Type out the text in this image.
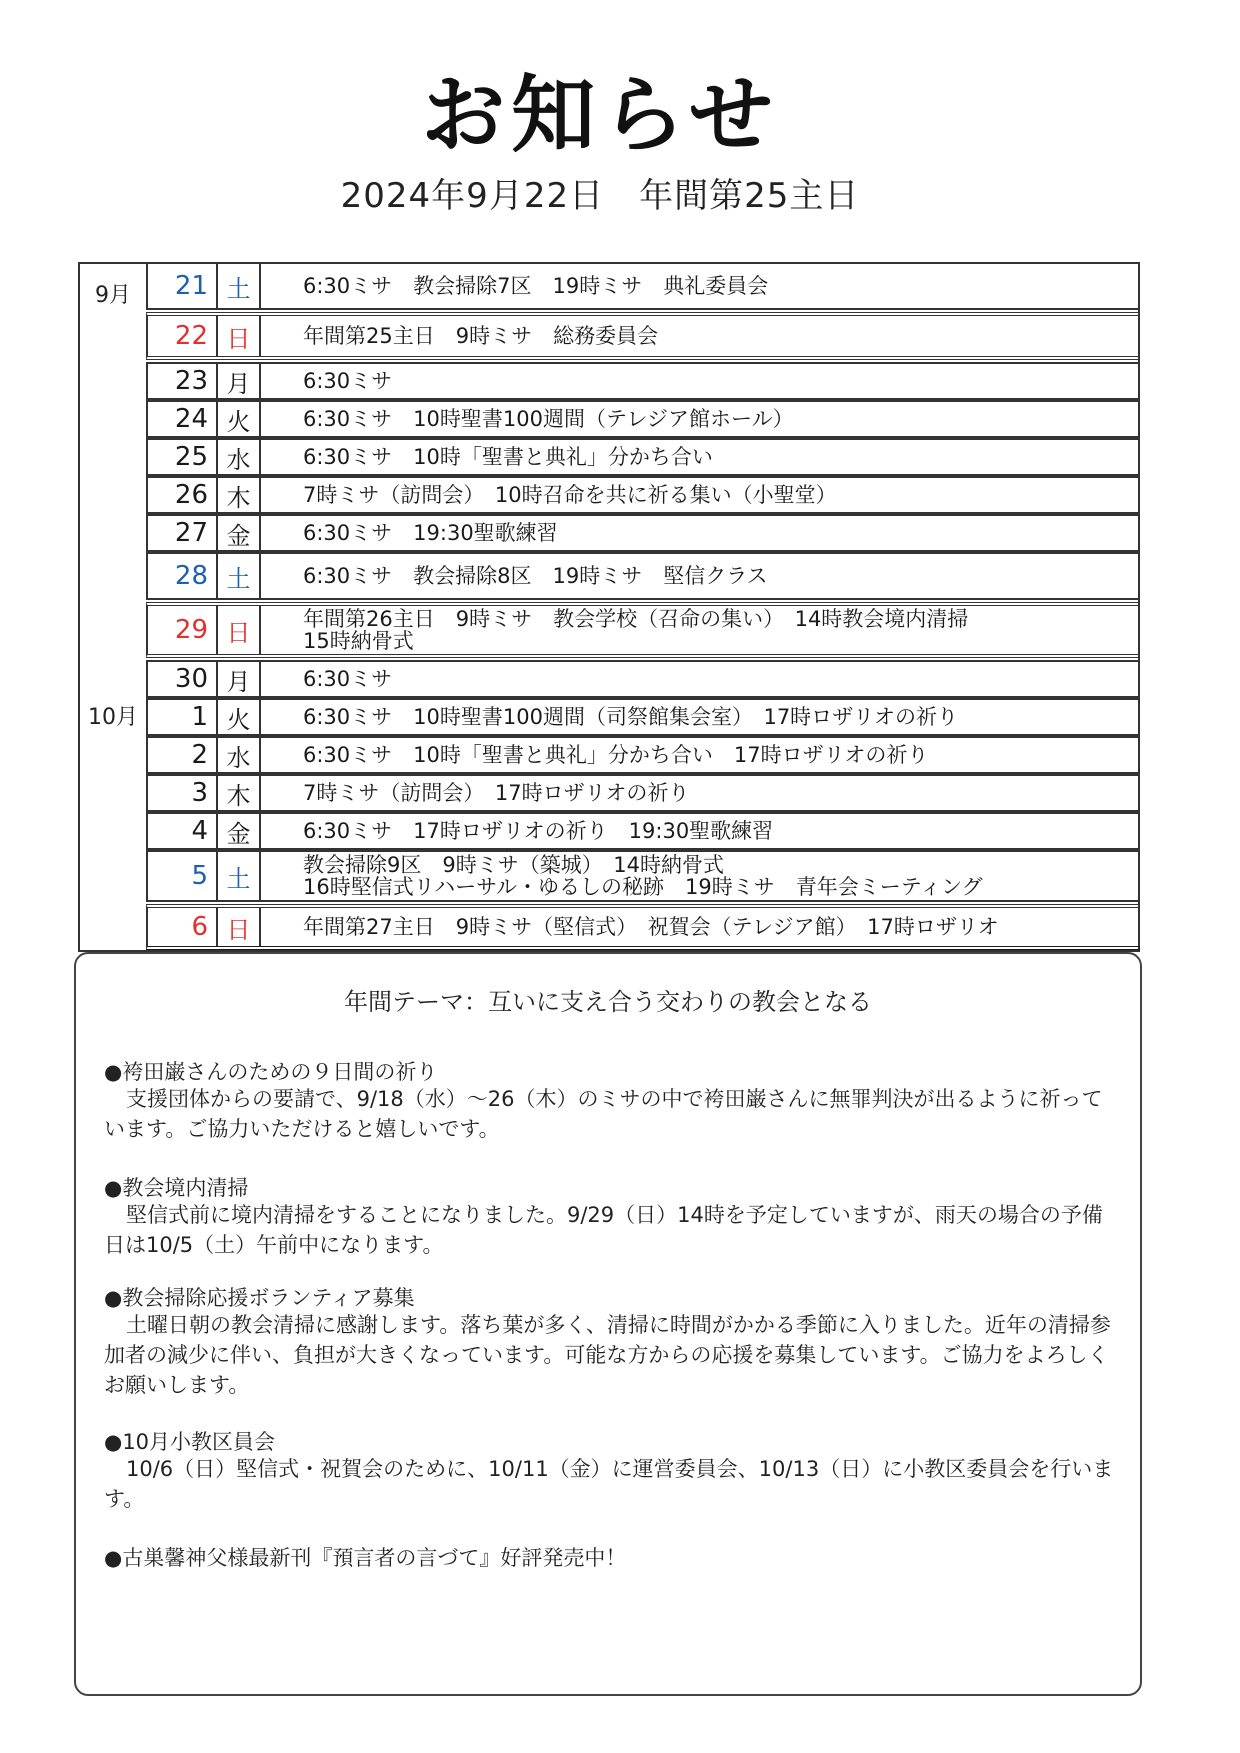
お知らせ
2024年9月22日　年間第25主日
9月
10月
21 土	6:30ミサ　教会掃除7区　19時ミサ　典礼委員会
22 日	年間第25主日　9時ミサ　総務委員会
23 月	6:30ミサ
24 火	6:30ミサ　10時聖書100週間（テレジア館ホール）
25 水	6:30ミサ　10時「聖書と典礼」分かち合い
26 木	7時ミサ（訪問会）　10時召命を共に祈る集い（小聖堂）
27 金	6:30ミサ　19:30聖歌練習
28 土	6:30ミサ　教会掃除8区　19時ミサ　堅信クラス
29 日	年間第26主日　9時ミサ　教会学校（召命の集い）　14時教会境内清掃
15時納骨式
30 月	6:30ミサ
1 火	6:30ミサ　10時聖書100週間（司祭館集会室）　17時ロザリオの祈り
2 水	6:30ミサ　10時「聖書と典礼」分かち合い　17時ロザリオの祈り
3 木	7時ミサ（訪問会）　17時ロザリオの祈り
4 金	6:30ミサ　17時ロザリオの祈り　19:30聖歌練習
5 土	教会掃除9区　9時ミサ（築城）　14時納骨式
16時堅信式リハーサル・ゆるしの秘跡　19時ミサ　青年会ミーティング
6 日	年間第27主日　9時ミサ（堅信式）　祝賀会（テレジア館）　17時ロザリオ
年間テーマ：互いに支え合う交わりの教会となる
●袴田巌さんのための９日間の祈り
支援団体からの要請で、9/18（水）～26（木）のミサの中で袴田巌さんに無罪判決が出るように祈っています。ご協力いただけると嬉しいです。
●教会境内清掃
堅信式前に境内清掃をすることになりました。9/29（日）14時を予定していますが、雨天の場合の予備日は10/5（土）午前中になります。
●教会掃除応援ボランティア募集
土曜日朝の教会清掃に感謝します。落ち葉が多く、清掃に時間がかかる季節に入りました。近年の清掃参加者の減少に伴い、負担が大きくなっています。可能な方からの応援を募集しています。ご協力をよろしくお願いします。
●10月小教区員会
10/6（日）堅信式・祝賀会のために、10/11（金）に運営委員会、10/13（日）に小教区委員会を行います。
●古巣馨神父様最新刊『預言者の言づて』好評発売中！
